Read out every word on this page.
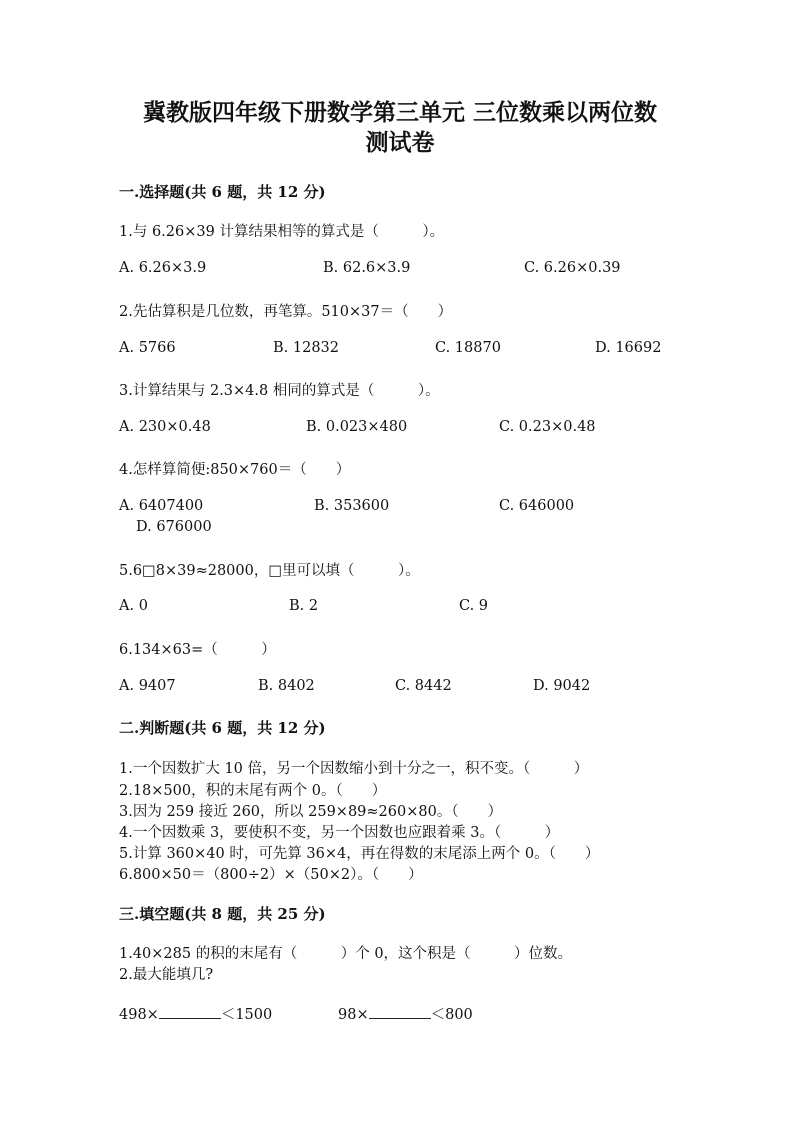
冀教版四年级下册数学第三单元 三位数乘以两位数
测试卷
一.选择题(共 6 题，共 12 分)
1.与 6.26×39 计算结果相等的算式是（　　　）。
A. 6.26×3.9	B. 62.6×3.9	C. 6.26×0.39
2.先估算积是几位数，再笔算。510×37＝（　　）
A. 5766	B. 12832	C. 18870	D. 16692
3.计算结果与 2.3×4.8 相同的算式是（　　　）。
A. 230×0.48	B. 0.023×480	C. 0.23×0.48
4.怎样算简便:850×760＝（　　）
A. 6407400	B. 353600	C. 646000
D. 676000
5.6□8×39≈28000，□里可以填（　　　）。
A. 0	B. 2	C. 9
6.134×63=（　　　）
A. 9407	B. 8402	C. 8442	D. 9042
二.判断题(共 6 题，共 12 分)
1.一个因数扩大 10 倍，另一个因数缩小到十分之一，积不变。（　　　）
2.18×500，积的末尾有两个 0。（　　）
3.因为 259 接近 260，所以 259×89≈260×80。（　　）
4.一个因数乘 3，要使积不变，另一个因数也应跟着乘 3。（　　　）
5.计算 360×40 时，可先算 36×4，再在得数的末尾添上两个 0。（　　）
6.800×50＝（800÷2）×（50×2）。（　　）
三.填空题(共 8 题，共 25 分)
1.40×285 的积的末尾有（　　　）个 0，这个积是（　　　）位数。
2.最大能填几?
498×	＜1500	98×	＜800
